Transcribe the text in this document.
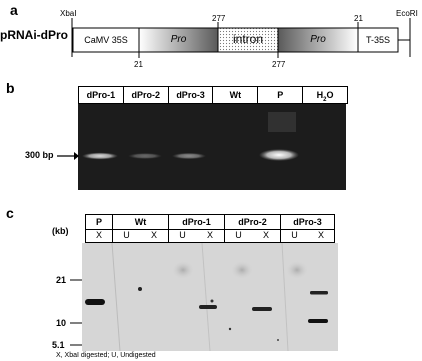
a
pRNAi-dPro
XbaI	EcoRI
277	21
21	277
CaMV 35S	Pro	intron	Pro	T-35S
b	dPro-1	dPro-2	dPro-3	Wt	P	$H_2O$
300 bp
c
(kb)
P	Wt	dPro-1	dPro-2	dPro-3
X	U	X	U	X	U	X	U	X
21
10
5.1
X, XbaI digested; U, Undigested
